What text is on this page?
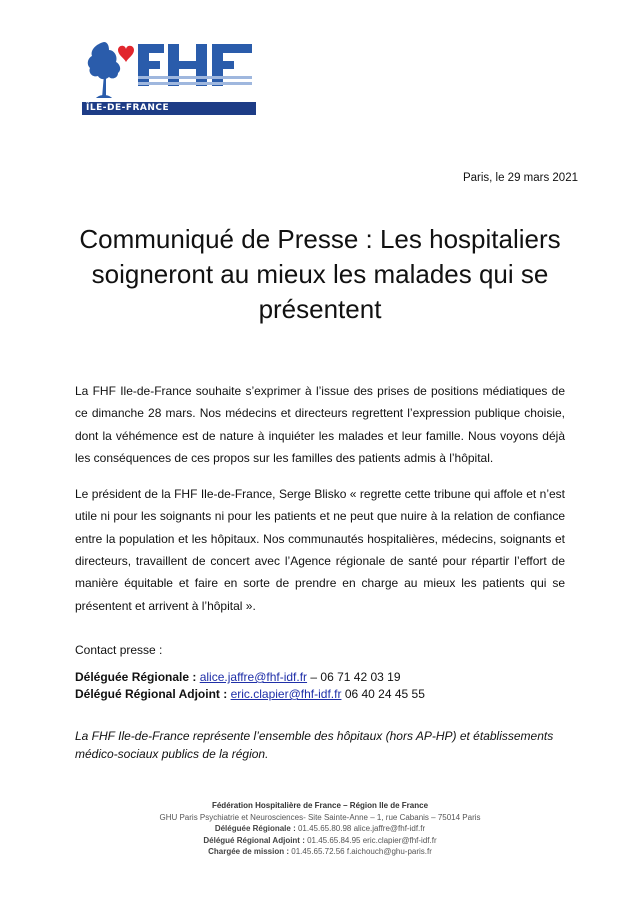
ÎLE-DE-FRANCE
Paris, le 29 mars 2021
Communiqué de Presse : Les hospitaliers
soigneront au mieux les malades qui se
présentent

La FHF Ile-de-France souhaite s’exprimer à l’issue des prises de positions médiatiques de ce dimanche 28 mars. Nos médecins et directeurs regrettent l’expression publique choisie, dont la véhémence est de nature à inquiéter les malades et leur famille. Nous voyons déjà les conséquences de ces propos sur les familles des patients admis à l’hôpital.

Le président de la FHF Ile-de-France, Serge Blisko « regrette cette tribune qui affole et n’est utile ni pour les soignants ni pour les patients et ne peut que nuire à la relation de confiance entre la population et les hôpitaux. Nos communautés hospitalières, médecins, soignants et directeurs, travaillent de concert avec l’Agence régionale de santé pour répartir l’effort de manière équitable et faire en sorte de prendre en charge au mieux les patients qui se présentent et arrivent à l’hôpital ».

Contact presse :

Déléguée Régionale : alice.jaffre@fhf-idf.fr – 06 71 42 03 19

Délégué Régional Adjoint : eric.clapier@fhf-idf.fr 06 40 24 45 55

La FHF Ile-de-France représente l’ensemble des hôpitaux (hors AP-HP) et établissements médico-sociaux publics de la région.

Fédération Hospitalière de France – Région Ile de France
GHU Paris Psychiatrie et Neurosciences- Site Sainte-Anne – 1, rue Cabanis – 75014 Paris
Déléguée Régionale : 01.45.65.80.98 alice.jaffre@fhf-idf.fr
Délégué Régional Adjoint : 01.45.65.84.95 eric.clapier@fhf-idf.fr
Chargée de mission : 01.45.65.72.56 f.aichouch@ghu-paris.fr
